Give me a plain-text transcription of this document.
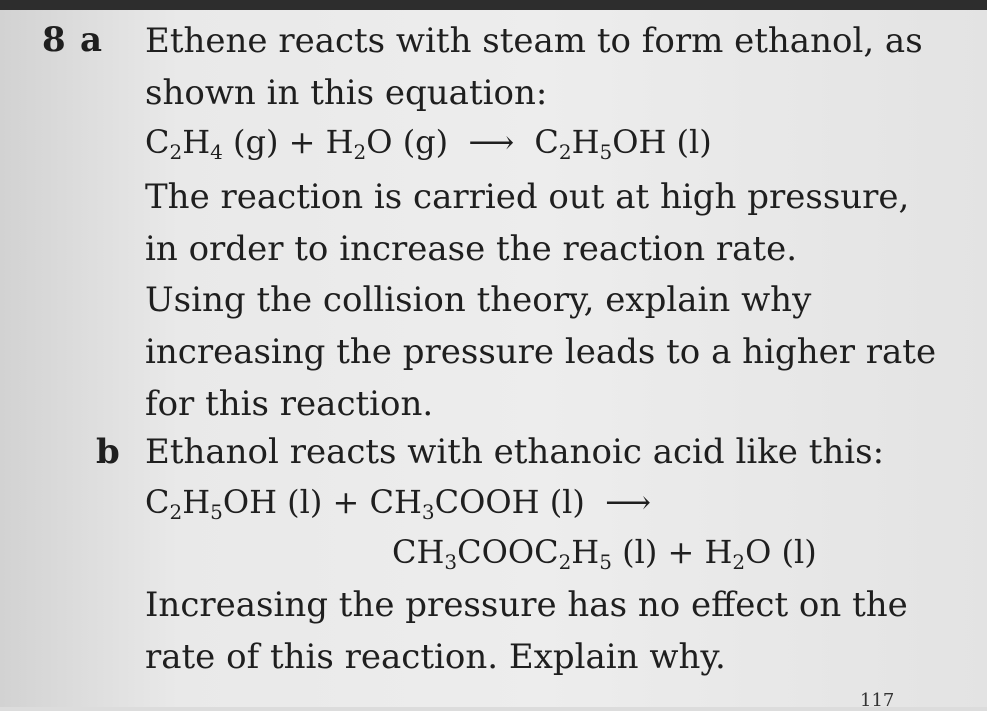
8 a Ethene reacts with steam to form ethanol, as
shown in this equation:
$C_2H_4$ $(g) + H_2O$ (g) ⟶ $C_2H_5OH$ (l)
The reaction is carried out at high pressure,
in order to increase the reaction rate.
Using the collision theory, explain why
increasing the pressure leads to a higher rate
for this reaction.
b Ethanol reacts with ethanoic acid like this:
$C_2H_5OH$ $(l) + CH_3COOH$ (l) ⟶
$CH_3COOC_2H_5$ $(l) + H_2O$ (l)
Increasing the pressure has no effect on the
rate of this reaction. Explain why.
117
